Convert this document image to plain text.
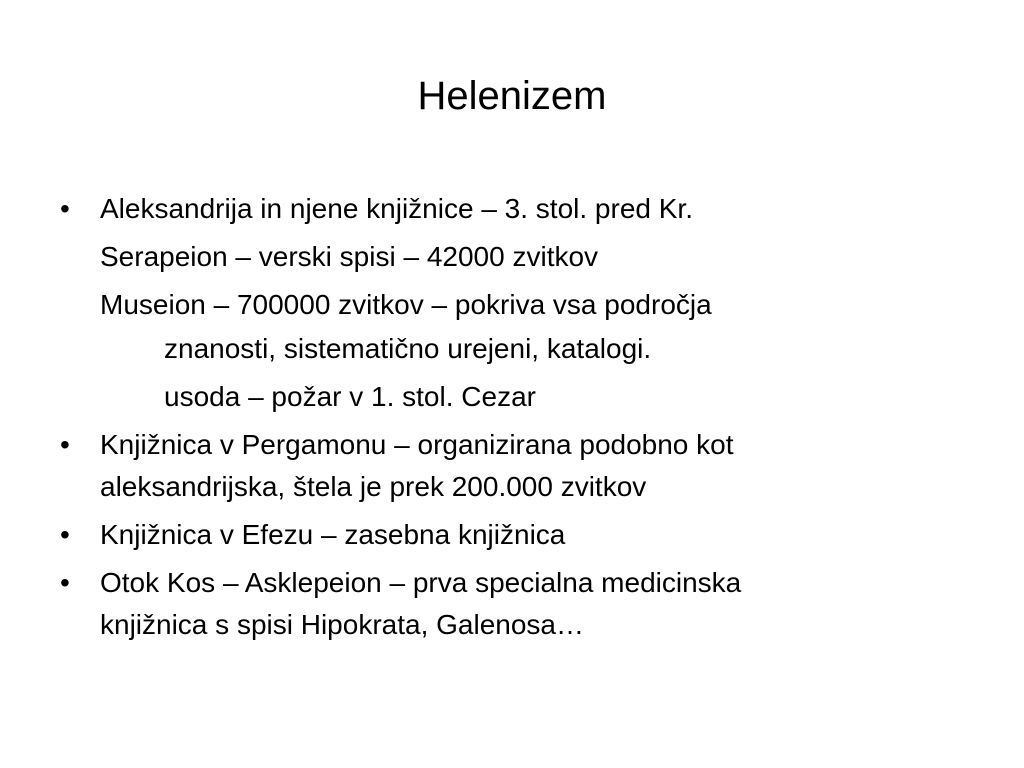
Helenizem
•	Aleksandrija in njene knjižnice – 3. stol. pred Kr.
Serapeion – verski spisi – 42000 zvitkov
Museion – 700000 zvitkov – pokriva vsa področja
znanosti, sistematično urejeni, katalogi.
usoda – požar v 1. stol. Cezar
•	Knjižnica v Pergamonu – organizirana podobno kot
aleksandrijska, štela je prek 200.000 zvitkov
•	Knjižnica v Efezu – zasebna knjižnica
•	Otok Kos – Asklepeion – prva specialna medicinska
knjižnica s spisi Hipokrata, Galenosa…
